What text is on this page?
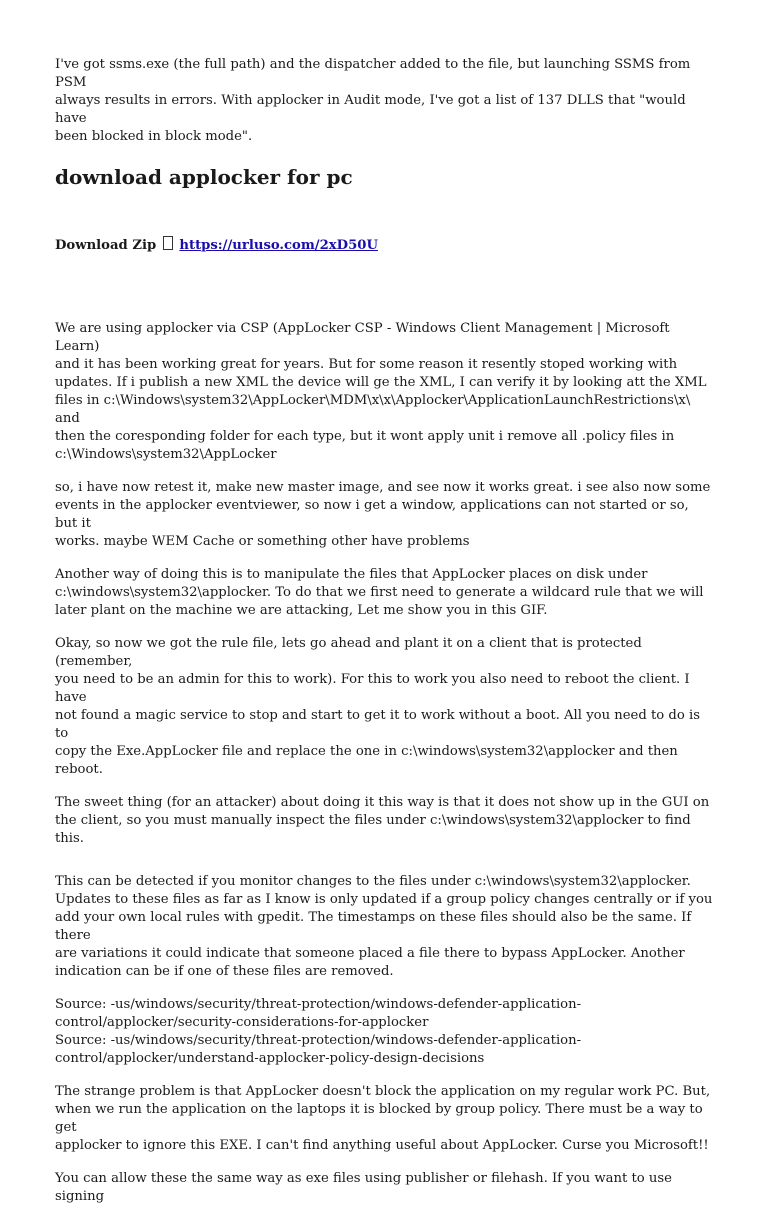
I've got ssms.exe (the full path) and the dispatcher added to the file, but launching SSMS from PSM
always results in errors. With applocker in Audit mode, I've got a list of 137 DLLS that "would have
been blocked in block mode".

download applocker for pc
Download Zip https://urluso.com/2xD50U

We are using applocker via CSP (AppLocker CSP - Windows Client Management | Microsoft Learn)
and it has been working great for years. But for some reason it resently stoped working with
updates. If i publish a new XML the device will ge the XML, I can verify it by looking att the XML
files in c:\Windows\system32\AppLocker\MDM\x\x\Applocker\ApplicationLaunchRestrictions\x\ and
then the coresponding folder for each type, but it wont apply unit i remove all .policy files in
c:\Windows\system32\AppLocker

so, i have now retest it, make new master image, and see now it works great. i see also now some
events in the applocker eventviewer, so now i get a window, applications can not started or so, but it
works. maybe WEM Cache or something other have problems

Another way of doing this is to manipulate the files that AppLocker places on disk under
c:\windows\system32\applocker. To do that we first need to generate a wildcard rule that we will
later plant on the machine we are attacking, Let me show you in this GIF.

Okay, so now we got the rule file, lets go ahead and plant it on a client that is protected (remember,
you need to be an admin for this to work). For this to work you also need to reboot the client. I have
not found a magic service to stop and start to get it to work without a boot. All you need to do is to
copy the Exe.AppLocker file and replace the one in c:\windows\system32\applocker and then reboot.

The sweet thing (for an attacker) about doing it this way is that it does not show up in the GUI on
the client, so you must manually inspect the files under c:\windows\system32\applocker to find this.

This can be detected if you monitor changes to the files under c:\windows\system32\applocker.
Updates to these files as far as I know is only updated if a group policy changes centrally or if you
add your own local rules with gpedit. The timestamps on these files should also be the same. If there
are variations it could indicate that someone placed a file there to bypass AppLocker. Another
indication can be if one of these files are removed.

Source: -us/windows/security/threat-protection/windows-defender-application-
control/applocker/security-considerations-for-applocker
Source: -us/windows/security/threat-protection/windows-defender-application-
control/applocker/understand-applocker-policy-design-decisions

The strange problem is that AppLocker doesn't block the application on my regular work PC. But,
when we run the application on the laptops it is blocked by group policy. There must be a way to get
applocker to ignore this EXE. I can't find anything useful about AppLocker. Curse you Microsoft!!

You can allow these the same way as exe files using publisher or filehash. If you want to use signing
